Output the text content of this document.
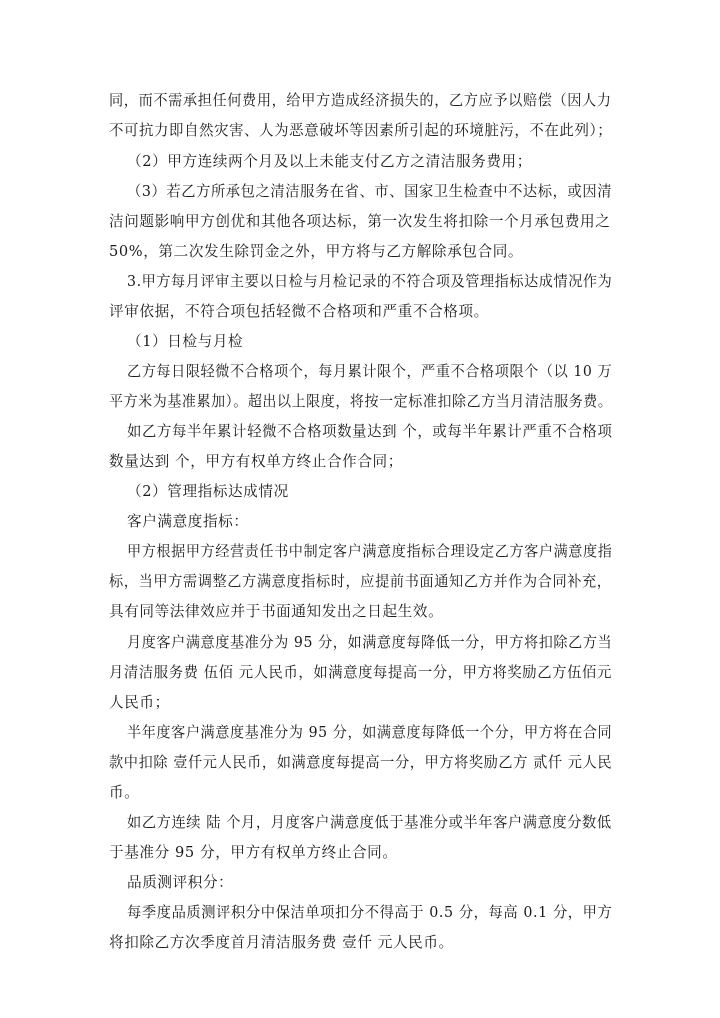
同，而不需承担任何费用，给甲方造成经济损失的，乙方应予以赔偿（因人力
不可抗力即自然灾害、人为恶意破坏等因素所引起的环境脏污，不在此列）；
（2）甲方连续两个月及以上未能支付乙方之清洁服务费用；
（3）若乙方所承包之清洁服务在省、市、国家卫生检查中不达标，或因清
洁问题影响甲方创优和其他各项达标，第一次发生将扣除一个月承包费用之
50%，第二次发生除罚金之外，甲方将与乙方解除承包合同。
3.甲方每月评审主要以日检与月检记录的不符合项及管理指标达成情况作为
评审依据，不符合项包括轻微不合格项和严重不合格项。
（1）日检与月检
乙方每日限轻微不合格项个，每月累计限个，严重不合格项限个（以 10 万
平方米为基准累加）。超出以上限度，将按一定标准扣除乙方当月清洁服务费。
如乙方每半年累计轻微不合格项数量达到 个，或每半年累计严重不合格项
数量达到 个，甲方有权单方终止合作合同；
（2）管理指标达成情况
客户满意度指标：
甲方根据甲方经营责任书中制定客户满意度指标合理设定乙方客户满意度指
标，当甲方需调整乙方满意度指标时，应提前书面通知乙方并作为合同补充，
具有同等法律效应并于书面通知发出之日起生效。
月度客户满意度基准分为 95 分，如满意度每降低一分，甲方将扣除乙方当
月清洁服务费 伍佰 元人民币，如满意度每提高一分，甲方将奖励乙方伍佰元
人民币；
半年度客户满意度基准分为 95 分，如满意度每降低一个分，甲方将在合同
款中扣除 壹仟元人民币，如满意度每提高一分，甲方将奖励乙方 贰仟 元人民
币。
如乙方连续 陆 个月，月度客户满意度低于基准分或半年客户满意度分数低
于基准分 95 分，甲方有权单方终止合同。
品质测评积分：
每季度品质测评积分中保洁单项扣分不得高于 0.5 分，每高 0.1 分，甲方
将扣除乙方次季度首月清洁服务费 壹仟 元人民币。
